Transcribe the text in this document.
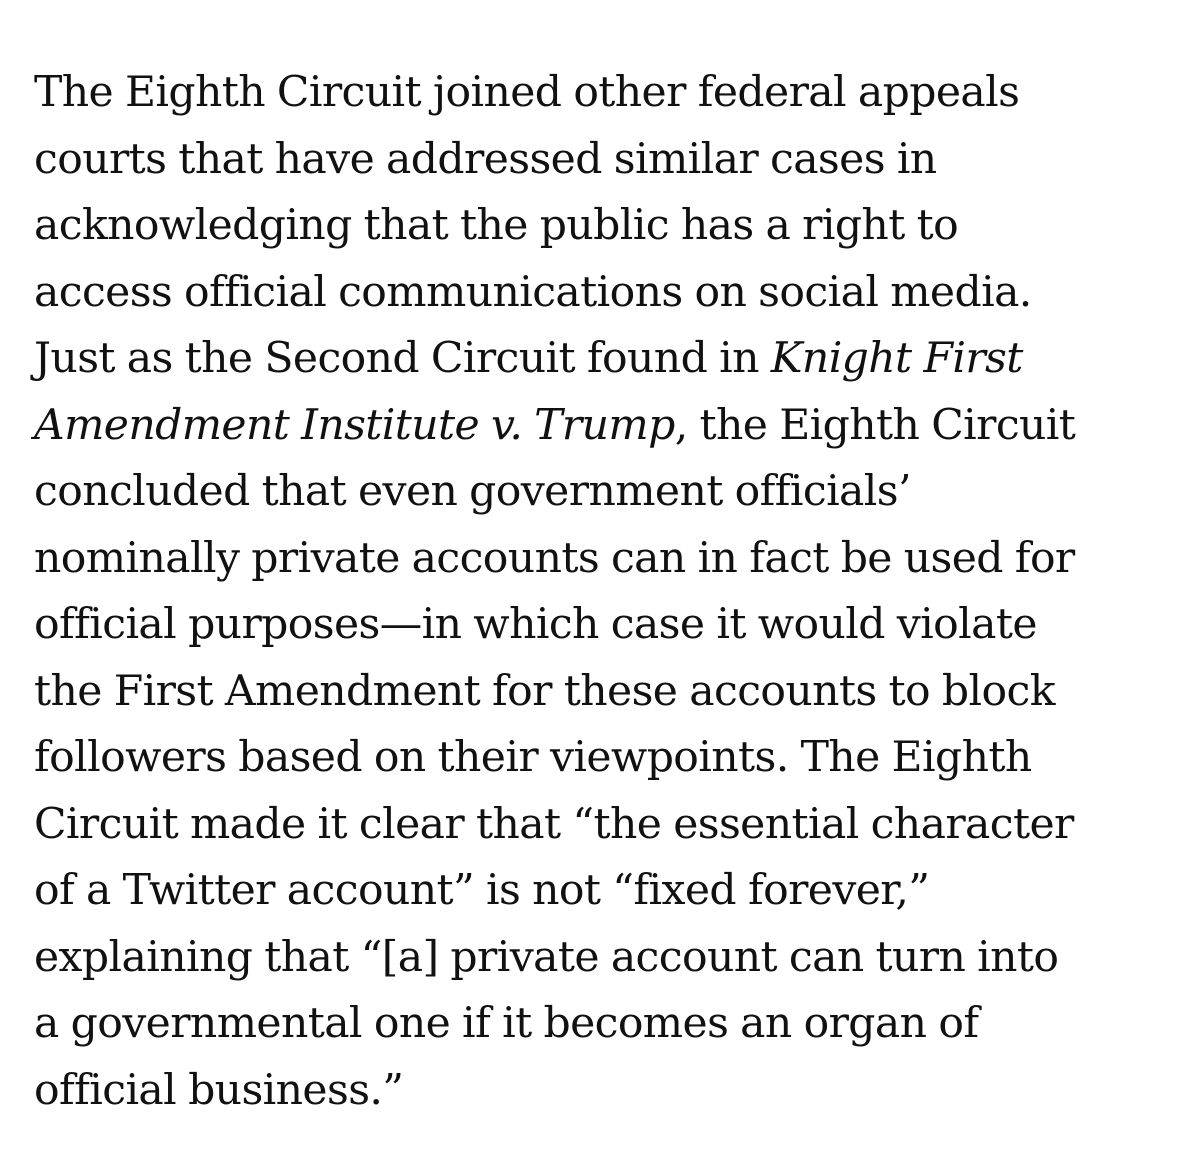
The Eighth Circuit joined other federal appeals
courts that have addressed similar cases in
acknowledging that the public has a right to
access official communications on social media.
Just as the Second Circuit found in Knight First
Amendment Institute v. Trump, the Eighth Circuit
concluded that even government officials’
nominally private accounts can in fact be used for
official purposes—in which case it would violate
the First Amendment for these accounts to block
followers based on their viewpoints. The Eighth
Circuit made it clear that “the essential character
of a Twitter account” is not “fixed forever,”
explaining that “[a] private account can turn into
a governmental one if it becomes an organ of
official business.”
